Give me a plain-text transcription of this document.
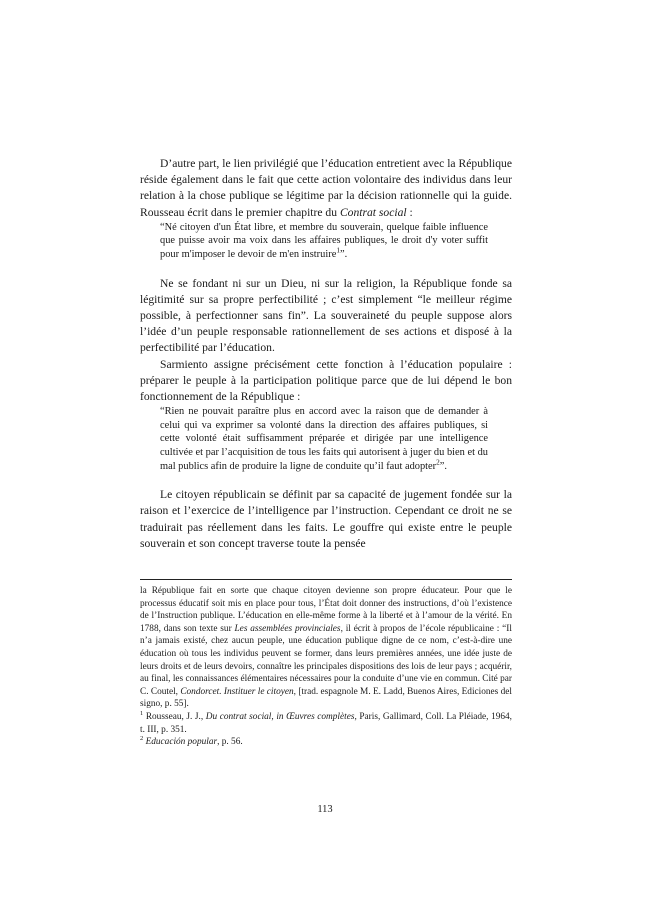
D’autre part, le lien privilégié que l’éducation entretient avec la République réside également dans le fait que cette action volontaire des individus dans leur relation à la chose publique se légitime par la décision rationnelle qui la guide. Rousseau écrit dans le premier chapitre du Contrat social :

“Né citoyen d'un État libre, et membre du souverain, quelque faible influence que puisse avoir ma voix dans les affaires publiques, le droit d'y voter suffit pour m'imposer le devoir de m'en instruire$^1$”.

Ne se fondant ni sur un Dieu, ni sur la religion, la République fonde sa légitimité sur sa propre perfectibilité ; c’est simplement “le meilleur régime possible, à perfectionner sans fin”. La souveraineté du peuple suppose alors l’idée d’un peuple responsable rationnellement de ses actions et disposé à la perfectibilité par l’éducation.

Sarmiento assigne précisément cette fonction à l’éducation populaire : préparer le peuple à la participation politique parce que de lui dépend le bon fonctionnement de la République :

“Rien ne pouvait paraître plus en accord avec la raison que de demander à celui qui va exprimer sa volonté dans la direction des affaires publiques, si cette volonté était suffisamment préparée et dirigée par une intelligence cultivée et par l’acquisition de tous les faits qui autorisent à juger du bien et du mal publics afin de produire la ligne de conduite qu’il faut adopter$^2$”.

Le citoyen républicain se définit par sa capacité de jugement fondée sur la raison et l’exercice de l’intelligence par l’instruction. Cependant ce droit ne se traduirait pas réellement dans les faits. Le gouffre qui existe entre le peuple souverain et son concept traverse toute la pensée

la République fait en sorte que chaque citoyen devienne son propre éducateur. Pour que le processus éducatif soit mis en place pour tous, l’État doit donner des instructions, d’où l’existence de l’Instruction publique. L’éducation en elle-même forme à la liberté et à l’amour de la vérité. En 1788, dans son texte sur Les assemblées provinciales, il écrit à propos de l’école républicaine : “Il n’a jamais existé, chez aucun peuple, une éducation publique digne de ce nom, c’est-à-dire une éducation où tous les individus peuvent se former, dans leurs premières années, une idée juste de leurs droits et de leurs devoirs, connaître les principales dispositions des lois de leur pays ; acquérir, au final, les connaissances élémentaires nécessaires pour la conduite d’une vie en commun. Cité par C. Coutel, Condorcet. Instituer le citoyen, [trad. espagnole M. E. Ladd, Buenos Aires, Ediciones del signo, p. 55].
$^1$ Rousseau, J. J., Du contrat social, in Œuvres complètes, Paris, Gallimard, Coll. La Pléiade, 1964, t. III, p. 351.
$^2$ Educación popular, p. 56.
113
